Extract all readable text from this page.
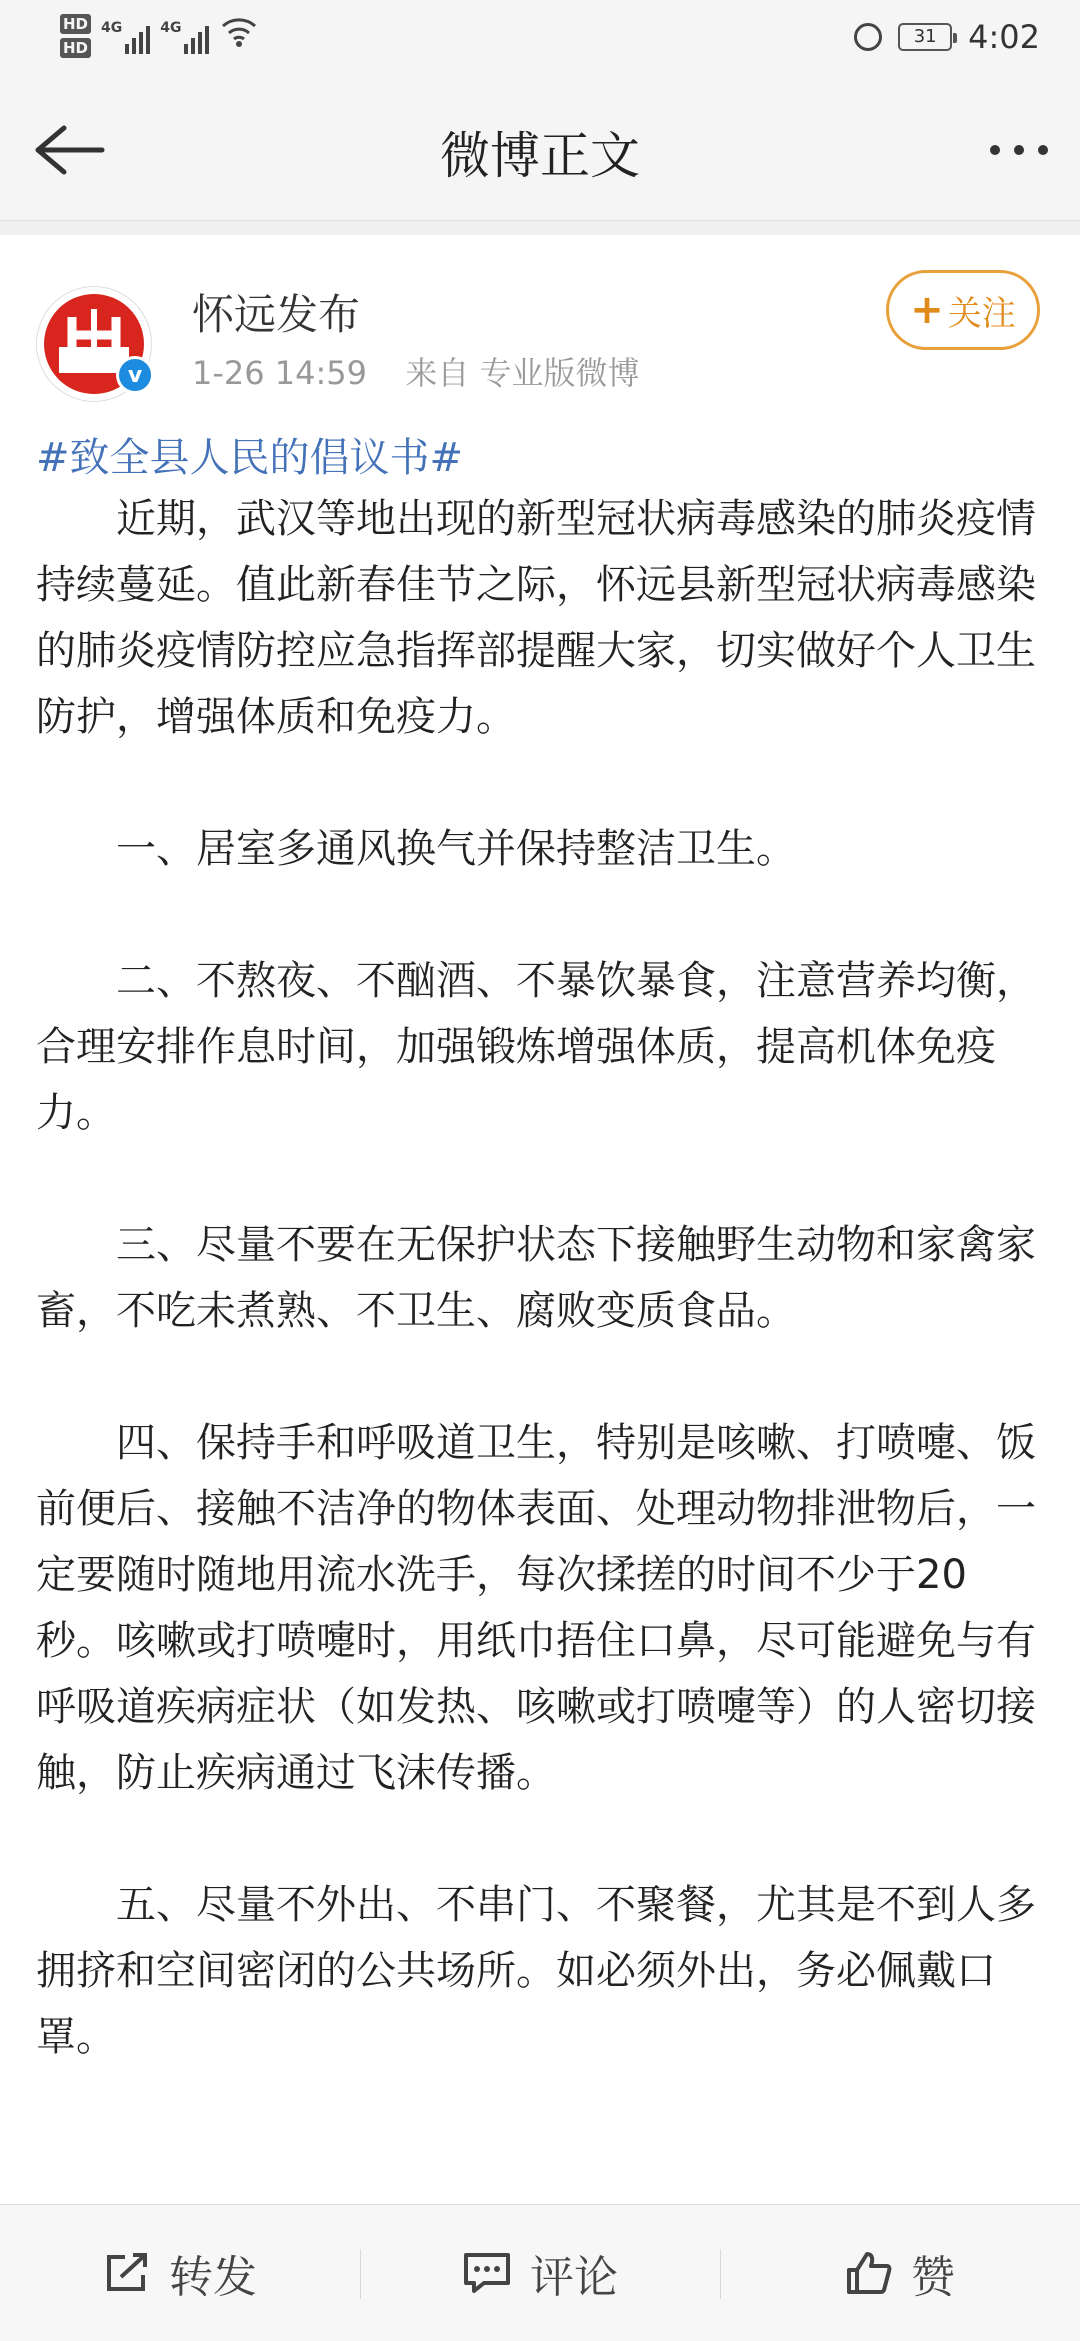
HD
HD
4G	4G	31 4:02
微博正文
v
怀远发布
1-26 14:59 来自 专业版微博
+ 关注
#致全县人民的倡议书#

近期，武汉等地出现的新型冠状病毒感染的肺炎疫情持续蔓延。值此新春佳节之际，怀远县新型冠状病毒感染的肺炎疫情防控应急指挥部提醒大家，切实做好个人卫生防护，增强体质和免疫力。

一、居室多通风换气并保持整洁卫生。

二、不熬夜、不酗酒、不暴饮暴食，注意营养均衡，合理安排作息时间，加强锻炼增强体质，提高机体免疫力。

三、尽量不要在无保护状态下接触野生动物和家禽家畜，不吃未煮熟、不卫生、腐败变质食品。

四、保持手和呼吸道卫生，特别是咳嗽、打喷嚏、饭前便后、接触不洁净的物体表面、处理动物排泄物后，一定要随时随地用流水洗手，每次揉搓的时间不少于20秒。咳嗽或打喷嚏时，用纸巾捂住口鼻，尽可能避免与有呼吸道疾病症状（如发热、咳嗽或打喷嚏等）的人密切接触，防止疾病通过飞沫传播。

五、尽量不外出、不串门、不聚餐，尤其是不到人多拥挤和空间密闭的公共场所。如必须外出，务必佩戴口罩。

转发	评论	赞
